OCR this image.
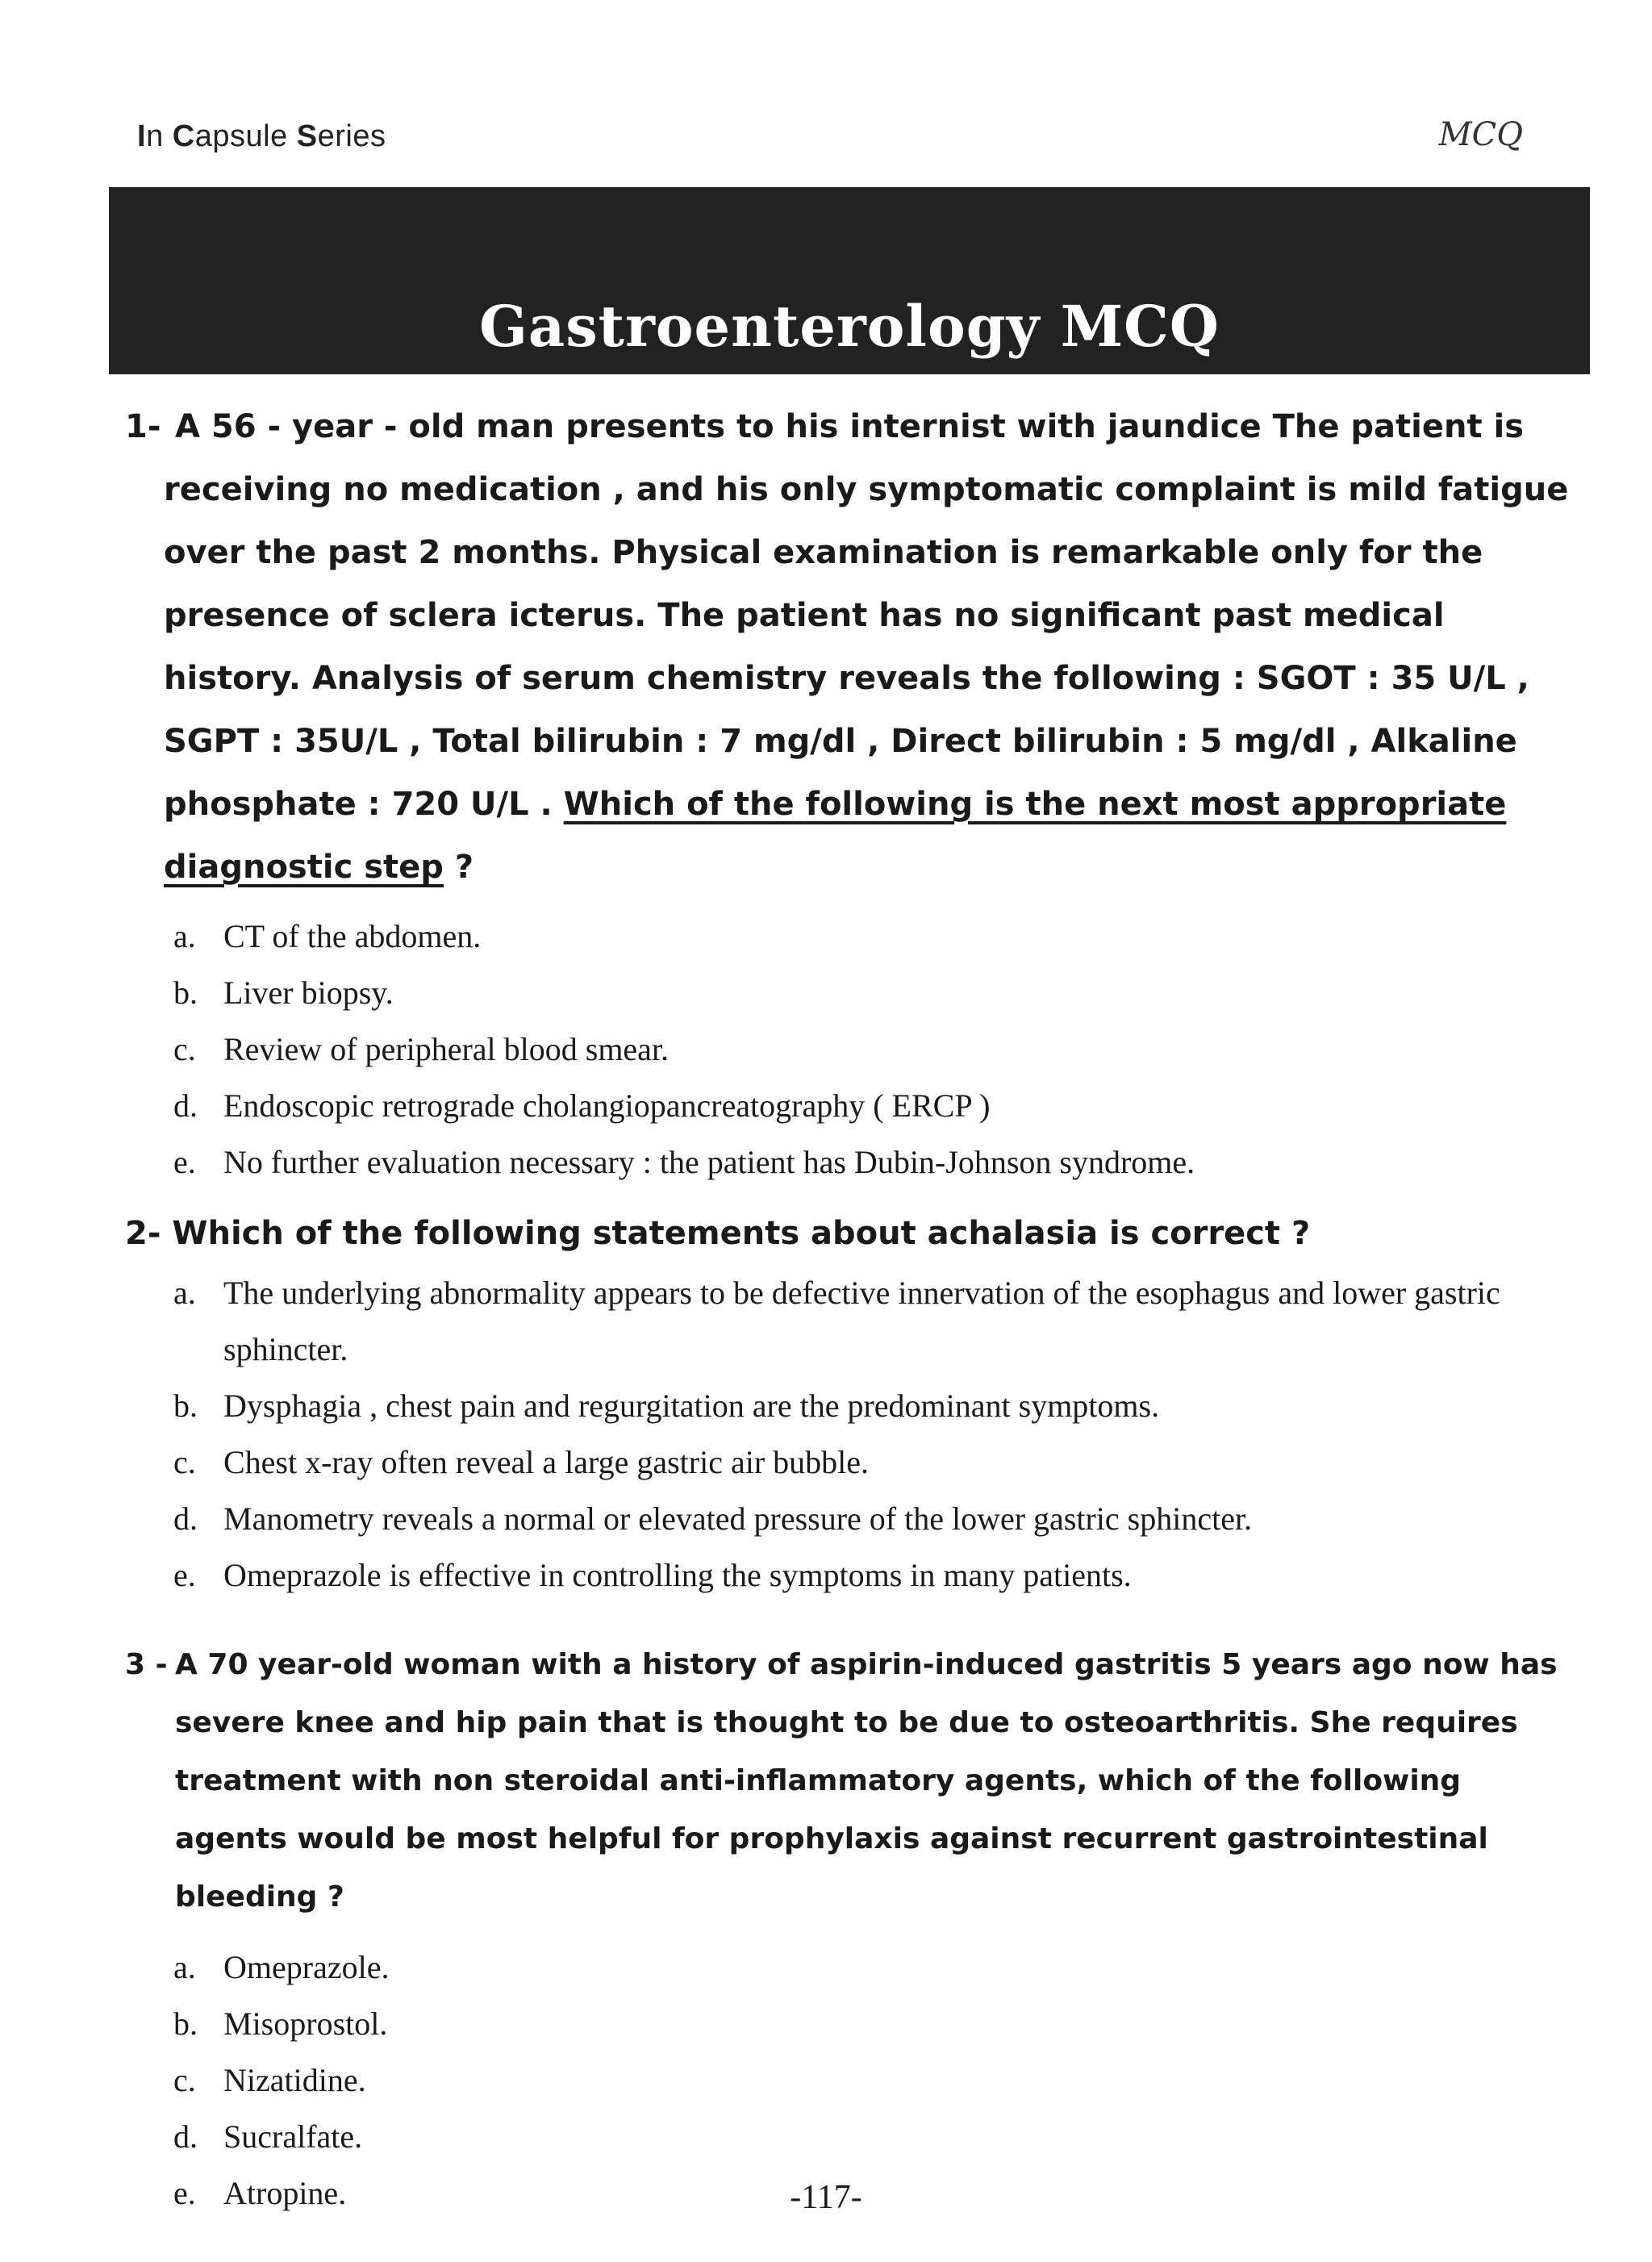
In Capsule Series	MCQ
Gastroenterology MCQ
1- A 56 - year - old man presents to his internist with jaundice The patient is receiving no medication , and his only symptomatic complaint is mild fatigue over the past 2 months. Physical examination is remarkable only for the presence of sclera icterus. The patient has no significant past medical history. Analysis of serum chemistry reveals the following : SGOT : 35 U/L , SGPT : 35U/L , Total bilirubin : 7 mg/dl , Direct bilirubin : 5 mg/dl , Alkaline phosphate : 720 U/L . Which of the following is the next most appropriate diagnostic step ?
a. CT of the abdomen.
b. Liver biopsy.
c. Review of peripheral blood smear.
d. Endoscopic retrograde cholangiopancreatography ( ERCP )
e. No further evaluation necessary : the patient has Dubin-Johnson syndrome.
2- Which of the following statements about achalasia is correct ?
a. The underlying abnormality appears to be defective innervation of the esophagus and lower gastric sphincter.
b. Dysphagia , chest pain and regurgitation are the predominant symptoms.
c. Chest x-ray often reveal a large gastric air bubble.
d. Manometry reveals a normal or elevated pressure of the lower gastric sphincter.
e. Omeprazole is effective in controlling the symptoms in many patients.
3 - A 70 year-old woman with a history of aspirin-induced gastritis 5 years ago now has severe knee and hip pain that is thought to be due to osteoarthritis. She requires treatment with non steroidal anti-inflammatory agents, which of the following agents would be most helpful for prophylaxis against recurrent gastrointestinal bleeding ?
a. Omeprazole.
b. Misoprostol.
c. Nizatidine.
d. Sucralfate.
e. Atropine.	-117-
